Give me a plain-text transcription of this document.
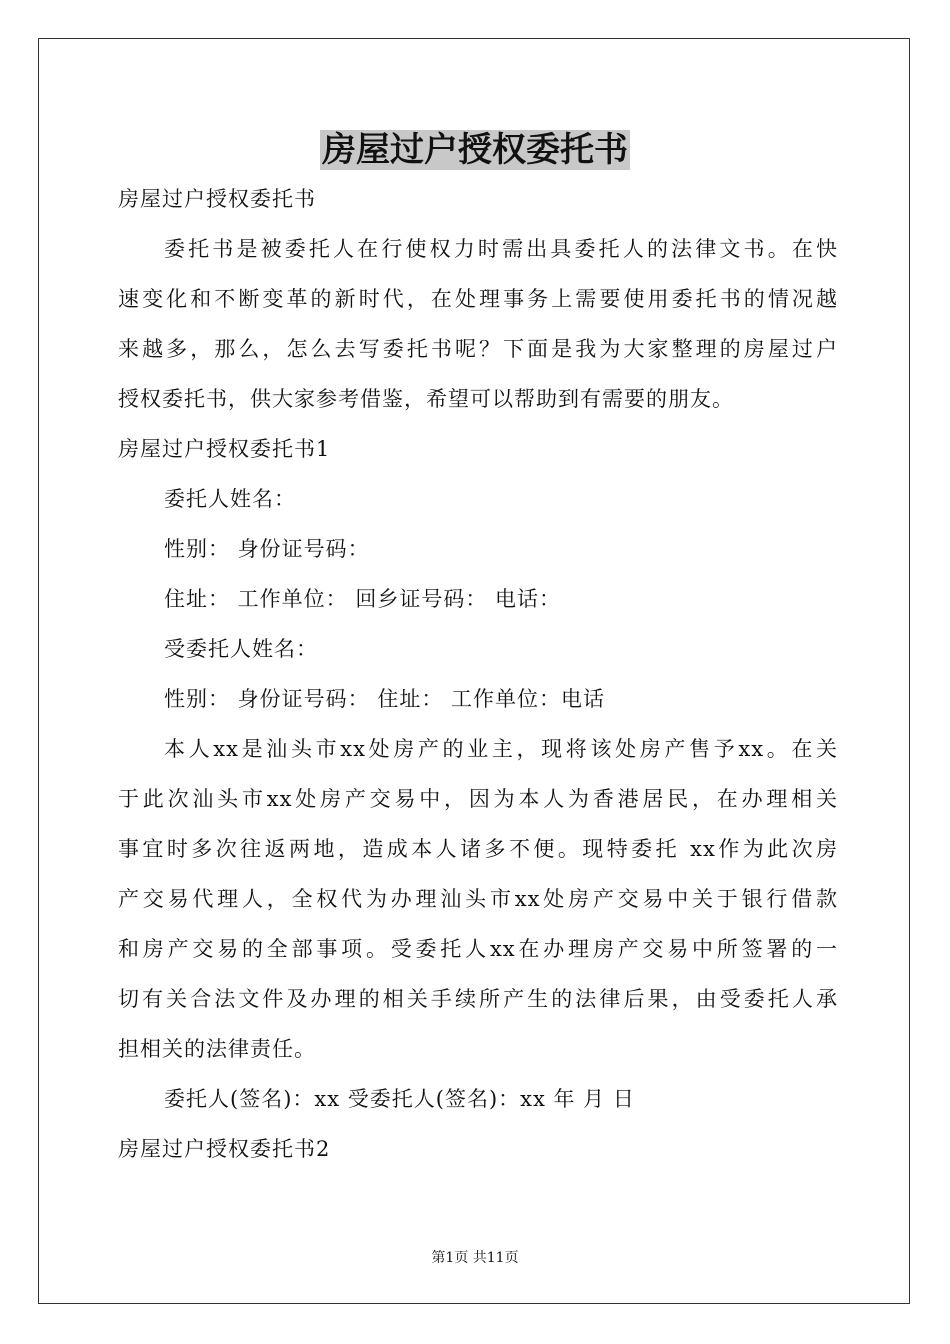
房屋过户授权委托书
房屋过户授权委托书
委托书是被委托人在行使权力时需出具委托人的法律文书。在快
速变化和不断变革的新时代，在处理事务上需要使用委托书的情况越
来越多，那么，怎么去写委托书呢？下面是我为大家整理的房屋过户
授权委托书，供大家参考借鉴，希望可以帮助到有需要的朋友。
房屋过户授权委托书1
委托人姓名：
性别： 身份证号码：
住址： 工作单位： 回乡证号码： 电话：
受委托人姓名：
性别： 身份证号码： 住址： 工作单位：电话
本人xx是汕头市xx处房产的业主，现将该处房产售予xx。在关
于此次汕头市xx处房产交易中，因为本人为香港居民，在办理相关
事宜时多次往返两地，造成本人诸多不便。现特委托 xx作为此次房
产交易代理人，全权代为办理汕头市xx处房产交易中关于银行借款
和房产交易的全部事项。受委托人xx在办理房产交易中所签署的一
切有关合法文件及办理的相关手续所产生的法律后果，由受委托人承
担相关的法律责任。
委托人(签名)：xx 受委托人(签名)：xx 年 月 日
房屋过户授权委托书2
第1页 共11页
